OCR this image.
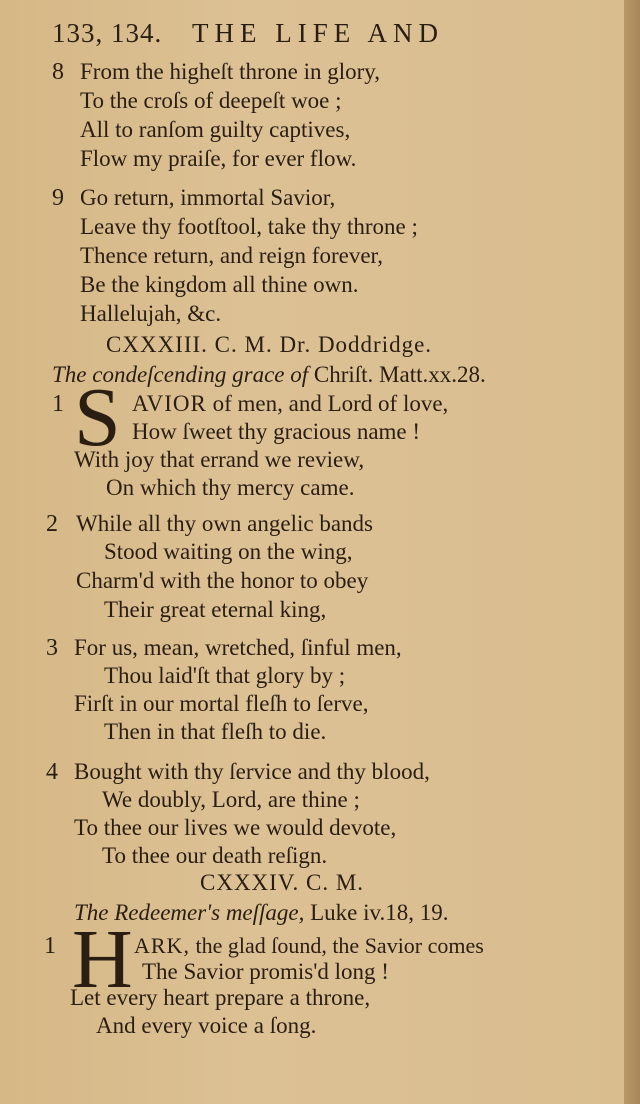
133, 134. THE LIFE AND
8 From the higheſt throne in glory,
To the croſs of deepeſt woe ;
All to ranſom guilty captives,
Flow my praiſe, for ever flow.
9 Go return, immortal Savior,
Leave thy footſtool, take thy throne ;
Thence return, and reign forever,
Be the kingdom all thine own.
Hallelujah, &c.
CXXXIII. C. M. Dr. Doddridge.
The condeſcending grace of Chriſt. Matt.xx.28.
1 S AVIOR of men, and Lord of love,
How ſweet thy gracious name !
With joy that errand we review,
On which thy mercy came.
2 While all thy own angelic bands
Stood waiting on the wing,
Charm'd with the honor to obey
Their great eternal king,
3 For us, mean, wretched, ſinful men,
Thou laid'ſt that glory by ;
Firſt in our mortal fleſh to ſerve,
Then in that fleſh to die.
4 Bought with thy ſervice and thy blood,
We doubly, Lord, are thine ;
To thee our lives we would devote,
To thee our death reſign.
CXXXIV. C. M.
The Redeemer's meſſage, Luke iv.18, 19.
1 H ARK, the glad ſound, the Savior comes
The Savior promis'd long !
Let every heart prepare a throne,
And every voice a ſong.
